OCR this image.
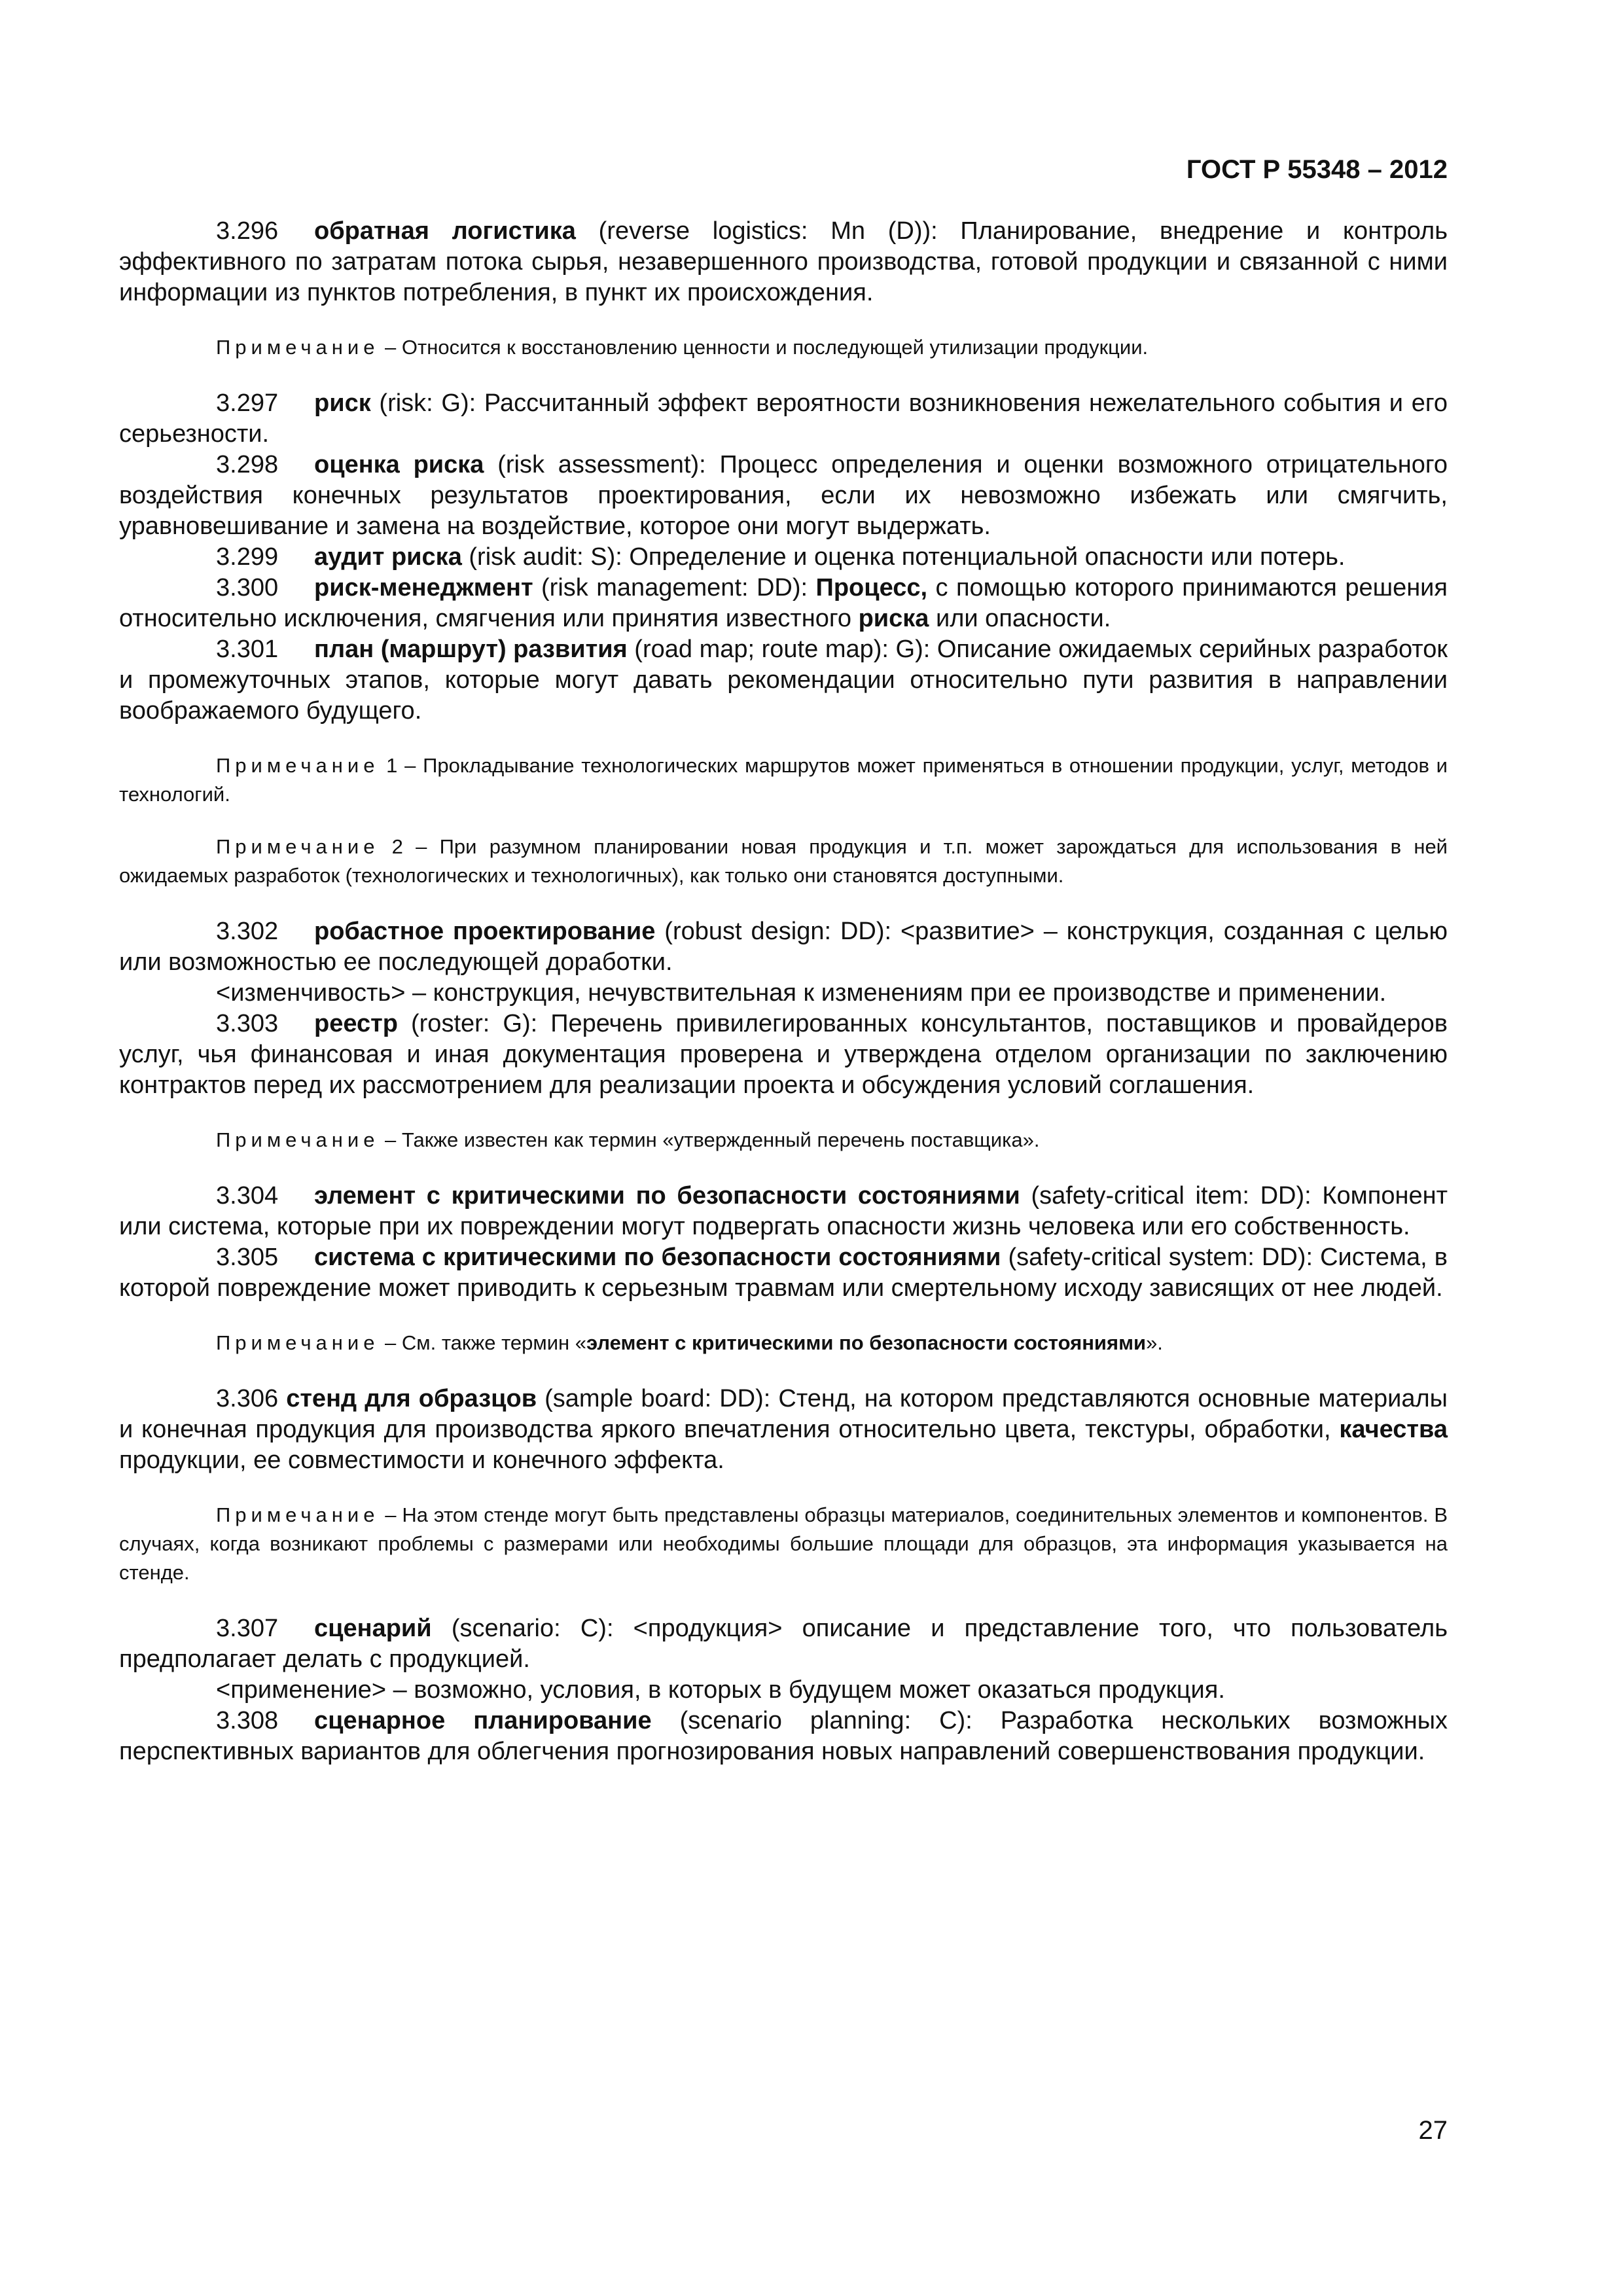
ГОСТ Р 55348 – 2012

3.296 обратная логистика (reverse logistics: Mn (D)): Планирование, внедрение и контроль эффективного по затратам потока сырья, незавершенного производства, готовой продукции и связанной с ними информации из пунктов потребления, в пункт их происхождения.

Примечание – Относится к восстановлению ценности и последующей утилизации продукции.

3.297 риск (risk: G): Рассчитанный эффект вероятности возникновения нежелательного события и его серьезности.

3.298 оценка риска (risk assessment): Процесс определения и оценки возможного отрицательного воздействия конечных результатов проектирования, если их невозможно избежать или смягчить, уравновешивание и замена на воздействие, которое они могут выдержать.

3.299 аудит риска (risk audit: S): Определение и оценка потенциальной опасности или потерь.

3.300 риск-менеджмент (risk management: DD): Процесс, с помощью которого принимаются решения относительно исключения, смягчения или принятия известного риска или опасности.

3.301 план (маршрут) развития (road map; route map): G): Описание ожидаемых серийных разработок и промежуточных этапов, которые могут давать рекомендации относительно пути развития в направлении воображаемого будущего.

Примечание 1 – Прокладывание технологических маршрутов может применяться в отношении продукции, услуг, методов и технологий.

Примечание 2 – При разумном планировании новая продукция и т.п. может зарождаться для использования в ней ожидаемых разработок (технологических и технологичных), как только они становятся доступными.

3.302 робастное проектирование (robust design: DD): <развитие> – конструкция, созданная с целью или возможностью ее последующей доработки.

<изменчивость> – конструкция, нечувствительная к изменениям при ее производстве и применении.

3.303 реестр (roster: G): Перечень привилегированных консультантов, поставщиков и провайдеров услуг, чья финансовая и иная документация проверена и утверждена отделом организации по заключению контрактов перед их рассмотрением для реализации проекта и обсуждения условий соглашения.

Примечание – Также известен как термин «утвержденный перечень поставщика».

3.304 элемент с критическими по безопасности состояниями (safety-critical item: DD): Компонент или система, которые при их повреждении могут подвергать опасности жизнь человека или его собственность.

3.305 система с критическими по безопасности состояниями (safety-critical system: DD): Система, в которой повреждение может приводить к серьезным травмам или смертельному исходу зависящих от нее людей.

Примечание – См. также термин «элемент с критическими по безопасности состояниями».

3.306 стенд для образцов (sample board: DD): Стенд, на котором представляются основные материалы и конечная продукция для производства яркого впечатления относительно цвета, текстуры, обработки, качества продукции, ее совместимости и конечного эффекта.

Примечание – На этом стенде могут быть представлены образцы материалов, соединительных элементов и компонентов. В случаях, когда возникают проблемы с размерами или необходимы большие площади для образцов, эта информация указывается на стенде.

3.307 сценарий (scenario: C): <продукция> описание и представление того, что пользователь предполагает делать с продукцией.

<применение> – возможно, условия, в которых в будущем может оказаться продукция.

3.308 сценарное планирование (scenario planning: C): Разработка нескольких возможных перспективных вариантов для облегчения прогнозирования новых направлений совершенствования продукции.

27
